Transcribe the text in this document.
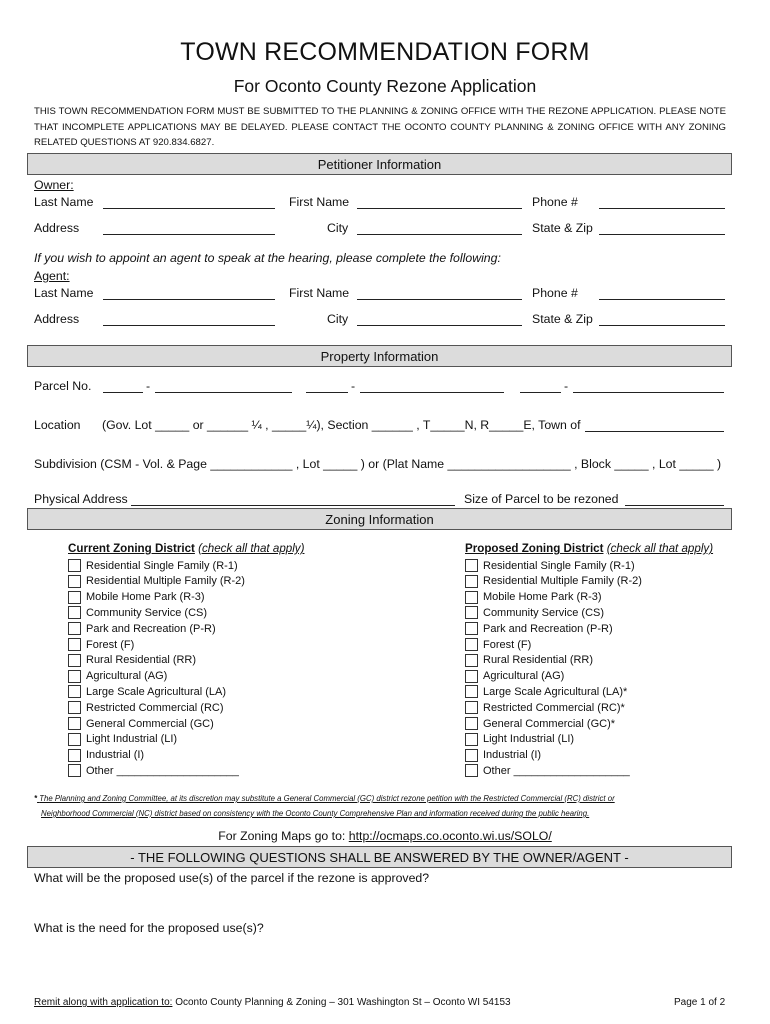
TOWN RECOMMENDATION FORM
For Oconto County Rezone Application
THIS TOWN RECOMMENDATION FORM MUST BE SUBMITTED TO THE PLANNING & ZONING OFFICE WITH THE REZONE APPLICATION. PLEASE NOTE THAT INCOMPLETE APPLICATIONS MAY BE DELAYED. PLEASE CONTACT THE OCONTO COUNTY PLANNING & ZONING OFFICE WITH ANY ZONING RELATED QUESTIONS AT 920.834.6827.
Petitioner Information
Owner:
Last Name	First Name	Phone #
Address	City	State & Zip
If you wish to appoint an agent to speak at the hearing, please complete the following:
Agent:
Last Name	First Name	Phone #
Address	City	State & Zip
Property Information
Parcel No.	-	-	-
Location (Gov. Lot _____ or ______ ¼ , _____¼), Section ______ , T_____N, R_____E, Town of
Subdivision (CSM - Vol. & Page ____________ , Lot _____ ) or (Plat Name __________________ , Block _____ , Lot _____ )
Physical Address	Size of Parcel to be rezoned
Zoning Information
Current Zoning District (check all that apply)	Proposed Zoning District (check all that apply)
Residential Single Family (R-1)
Residential Multiple Family (R-2)
Mobile Home Park (R-3)
Community Service (CS)
Park and Recreation (P-R)
Forest (F)
Rural Residential (RR)
Agricultural (AG)
Large Scale Agricultural (LA)
Restricted Commercial (RC)
General Commercial (GC)
Light Industrial (LI)
Industrial (I)
Other ____________________
Residential Single Family (R-1)
Residential Multiple Family (R-2)
Mobile Home Park (R-3)
Community Service (CS)
Park and Recreation (P-R)
Forest (F)
Rural Residential (RR)
Agricultural (AG)
Large Scale Agricultural (LA)*
Restricted Commercial (RC)*
General Commercial (GC)*
Light Industrial (LI)
Industrial (I)
Other ___________________
* The Planning and Zoning Committee, at its discretion may substitute a General Commercial (GC) district rezone petition with the Restricted Commercial (RC) district or
Neighborhood Commercial (NC) district based on consistency with the Oconto County Comprehensive Plan and information received during the public hearing.
For Zoning Maps go to: http://ocmaps.co.oconto.wi.us/SOLO/
- THE FOLLOWING QUESTIONS SHALL BE ANSWERED BY THE OWNER/AGENT -
What will be the proposed use(s) of the parcel if the rezone is approved?
What is the need for the proposed use(s)?
Remit along with application to: Oconto County Planning & Zoning – 301 Washington St – Oconto WI 54153	Page 1 of 2
